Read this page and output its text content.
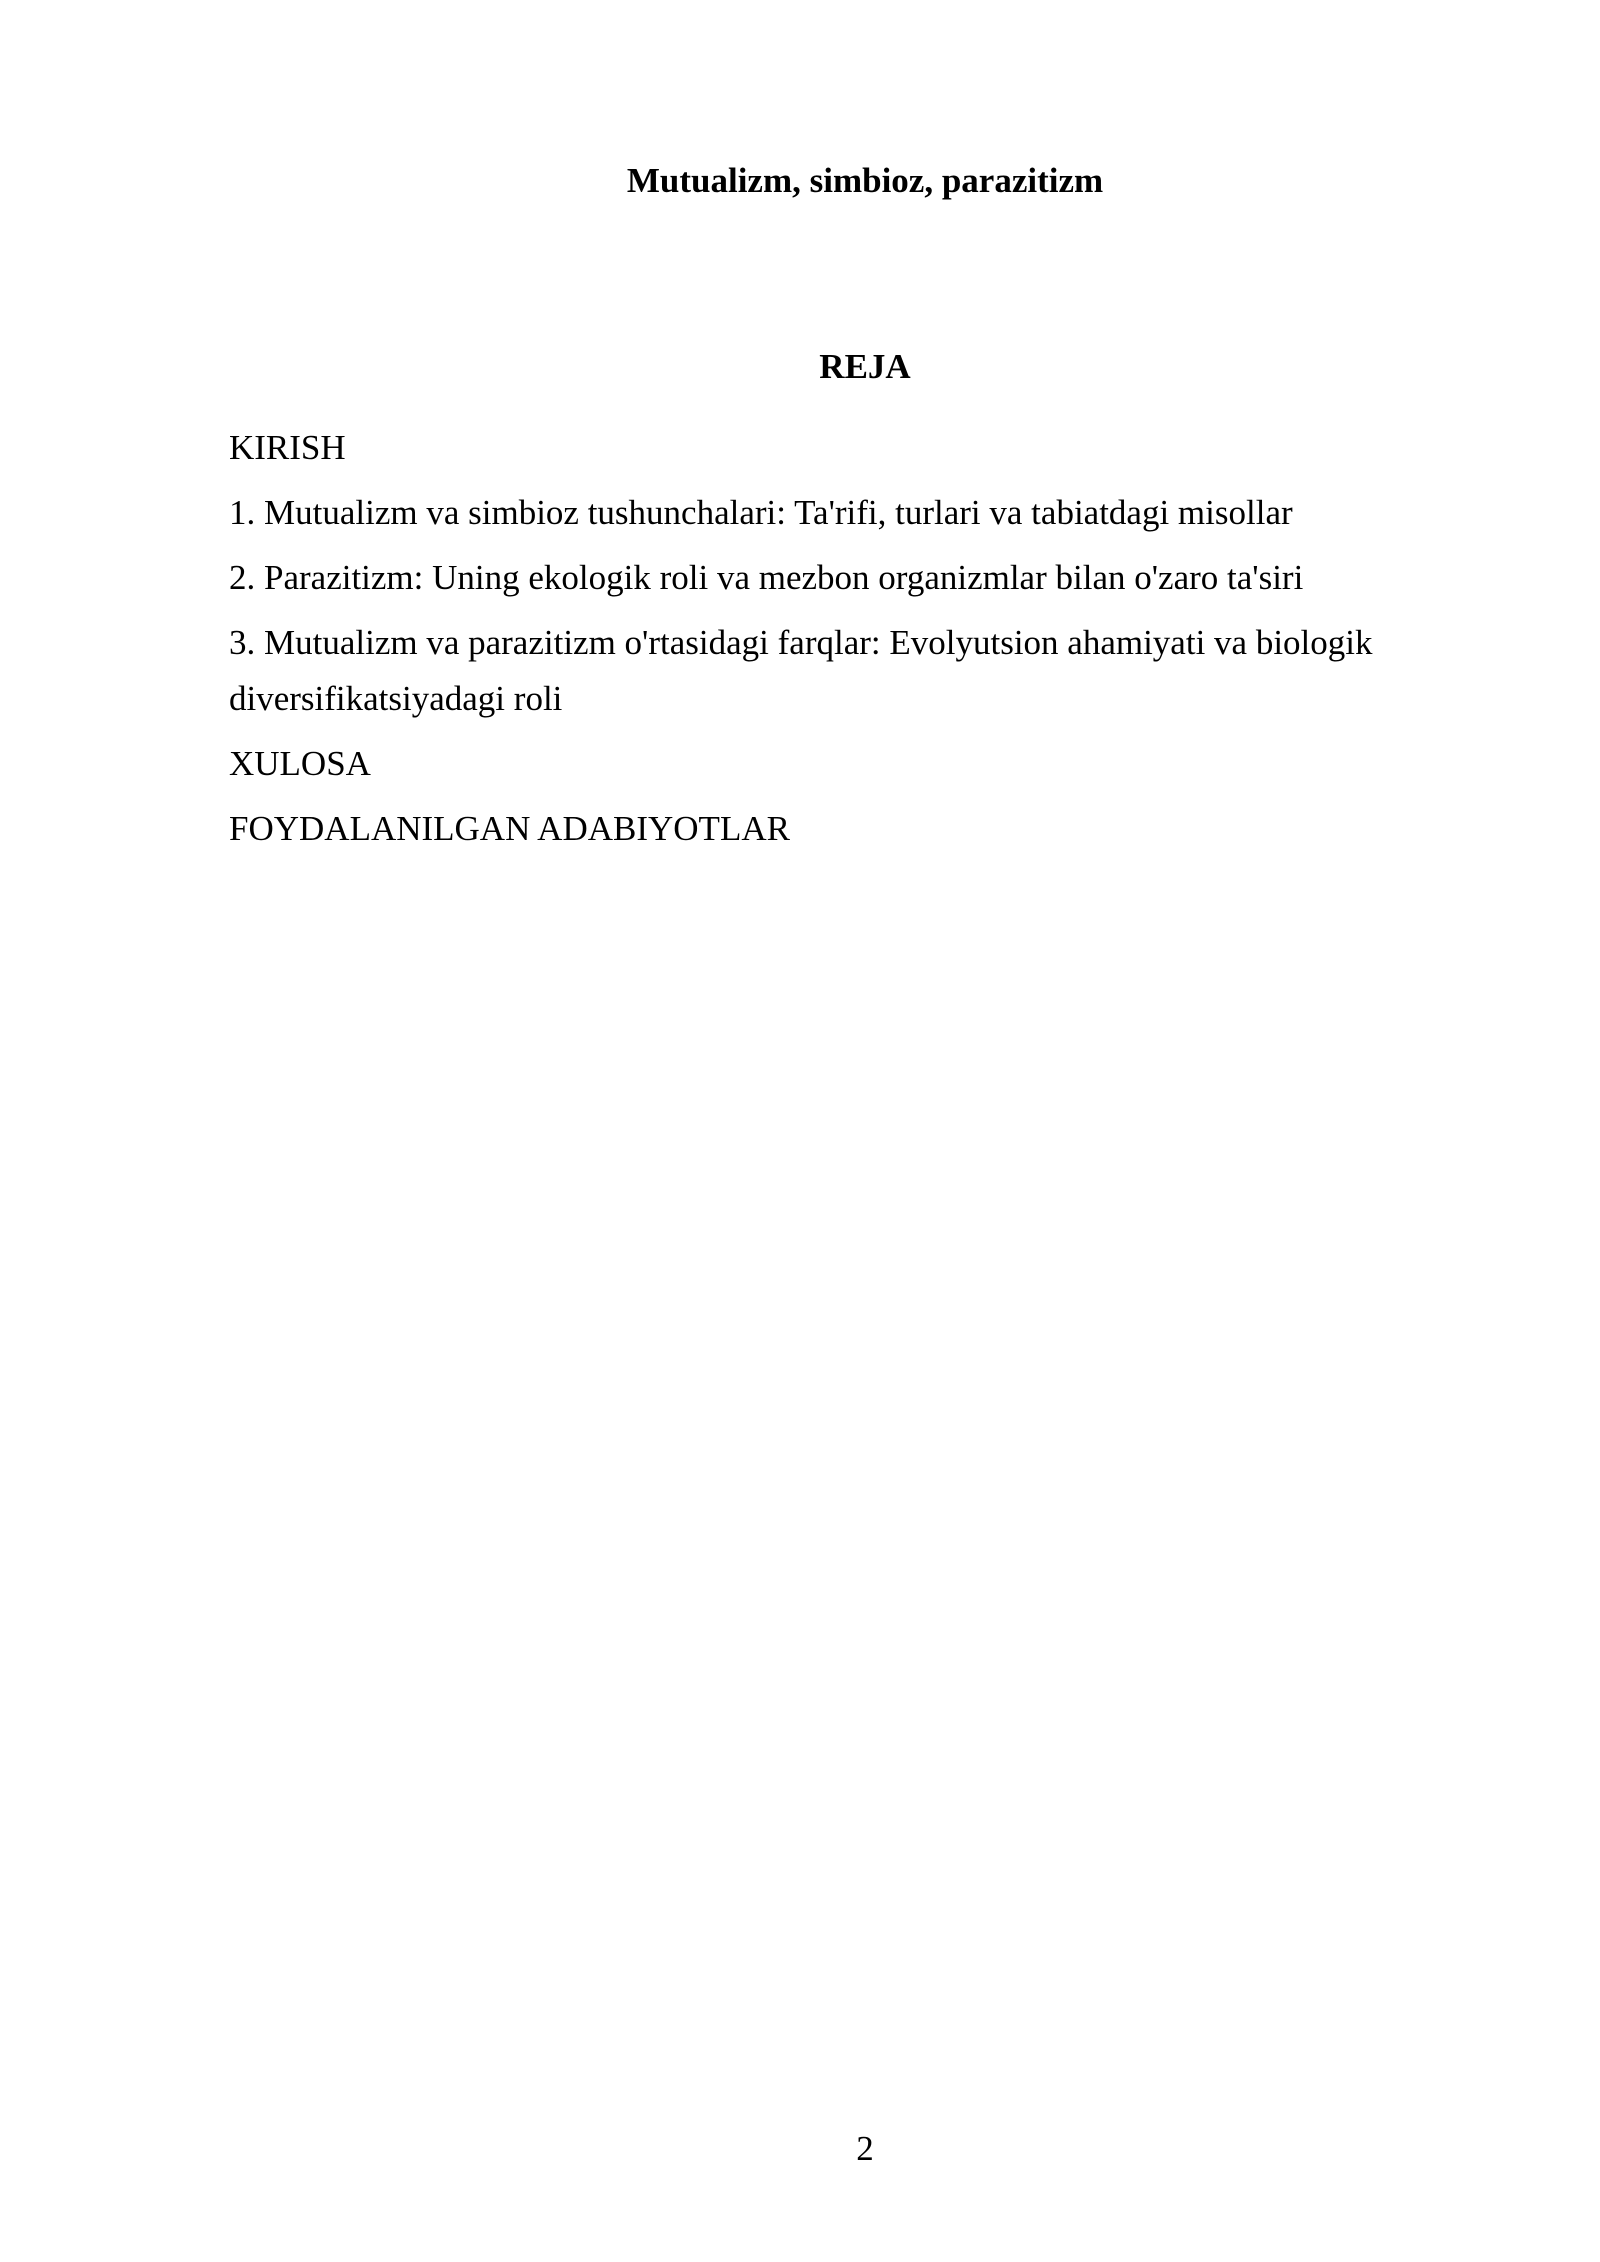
Mutualizm, simbioz, parazitizm
REJA
KIRISH
1. Mutualizm va simbioz tushunchalari: Ta'rifi, turlari va tabiatdagi misollar
2. Parazitizm: Uning ekologik roli va mezbon organizmlar bilan o'zaro ta'siri
3. Mutualizm va parazitizm o'rtasidagi farqlar: Evolyutsion ahamiyati va biologik diversifikatsiyadagi roli
XULOSA
FOYDALANILGAN ADABIYOTLAR
2
